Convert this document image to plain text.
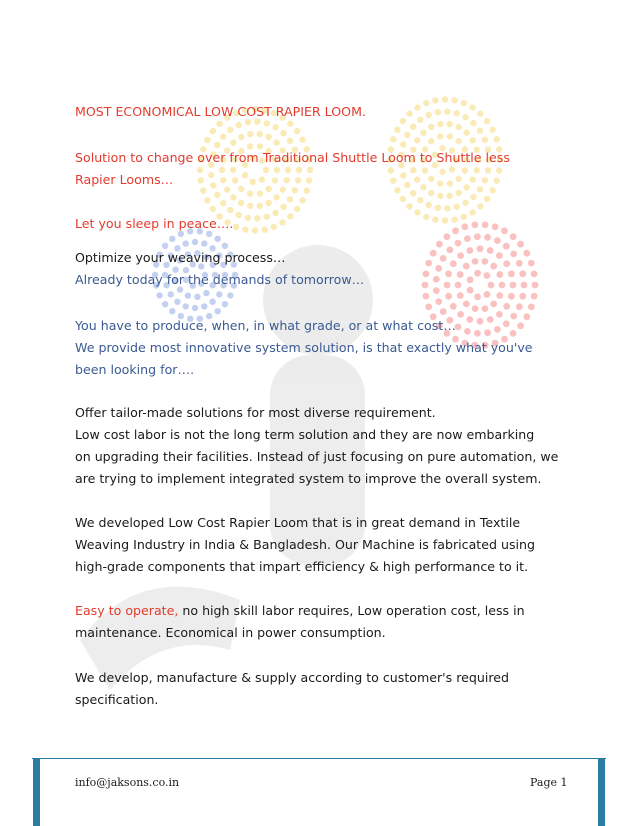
MOST ECONOMICAL LOW COST RAPIER LOOM.
Solution to change over from Traditional Shuttle Loom to Shuttle less
Rapier Looms…
Let you sleep in peace….
Optimize your weaving process…
Already today for the demands of tomorrow…
You have to produce, when, in what grade, or at what cost…
We provide most innovative system solution, is that exactly what you've
been looking for….
Offer tailor-made solutions for most diverse requirement.
Low cost labor is not the long term solution and they are now embarking
on upgrading their facilities. Instead of just focusing on pure automation, we
are trying to implement integrated system to improve the overall system.
We developed Low Cost Rapier Loom that is in great demand in Textile
Weaving Industry in India & Bangladesh. Our Machine is fabricated using
high-grade components that impart efficiency & high performance to it.
Easy to operate, no high skill labor requires, Low operation cost, less in
maintenance. Economical in power consumption.
We develop, manufacture & supply according to customer's required
specification.
info@jaksons.co.in	Page 1
